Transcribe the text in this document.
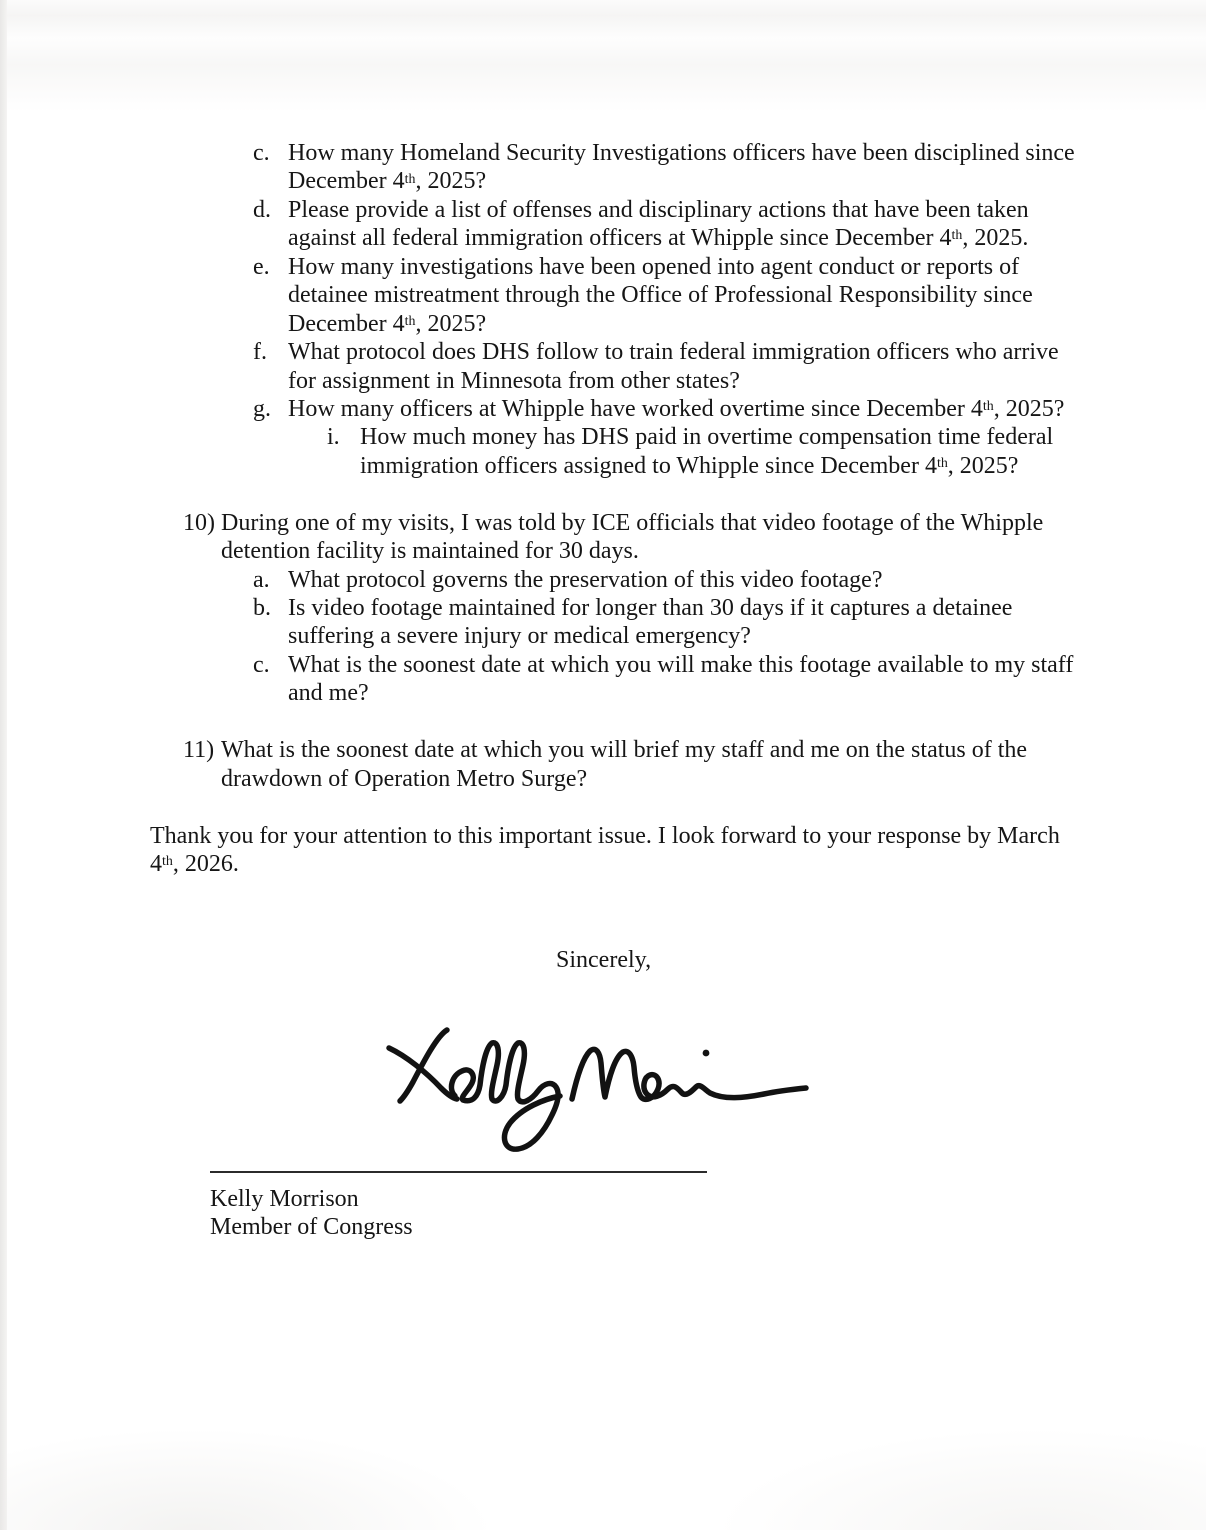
c. How many Homeland Security Investigations officers have been disciplined since
December 4th, 2025?
d. Please provide a list of offenses and disciplinary actions that have been taken
against all federal immigration officers at Whipple since December 4th, 2025.
e. How many investigations have been opened into agent conduct or reports of
detainee mistreatment through the Office of Professional Responsibility since
December 4th, 2025?
f. What protocol does DHS follow to train federal immigration officers who arrive
for assignment in Minnesota from other states?
g. How many officers at Whipple have worked overtime since December 4th, 2025?
i. How much money has DHS paid in overtime compensation time federal
immigration officers assigned to Whipple since December 4th, 2025?
10) During one of my visits, I was told by ICE officials that video footage of the Whipple
detention facility is maintained for 30 days.
a. What protocol governs the preservation of this video footage?
b. Is video footage maintained for longer than 30 days if it captures a detainee
suffering a severe injury or medical emergency?
c. What is the soonest date at which you will make this footage available to my staff
and me?
11) What is the soonest date at which you will brief my staff and me on the status of the
drawdown of Operation Metro Surge?
Thank you for your attention to this important issue. I look forward to your response by March
4th, 2026.
Sincerely,
Kelly Morrison
Member of Congress
